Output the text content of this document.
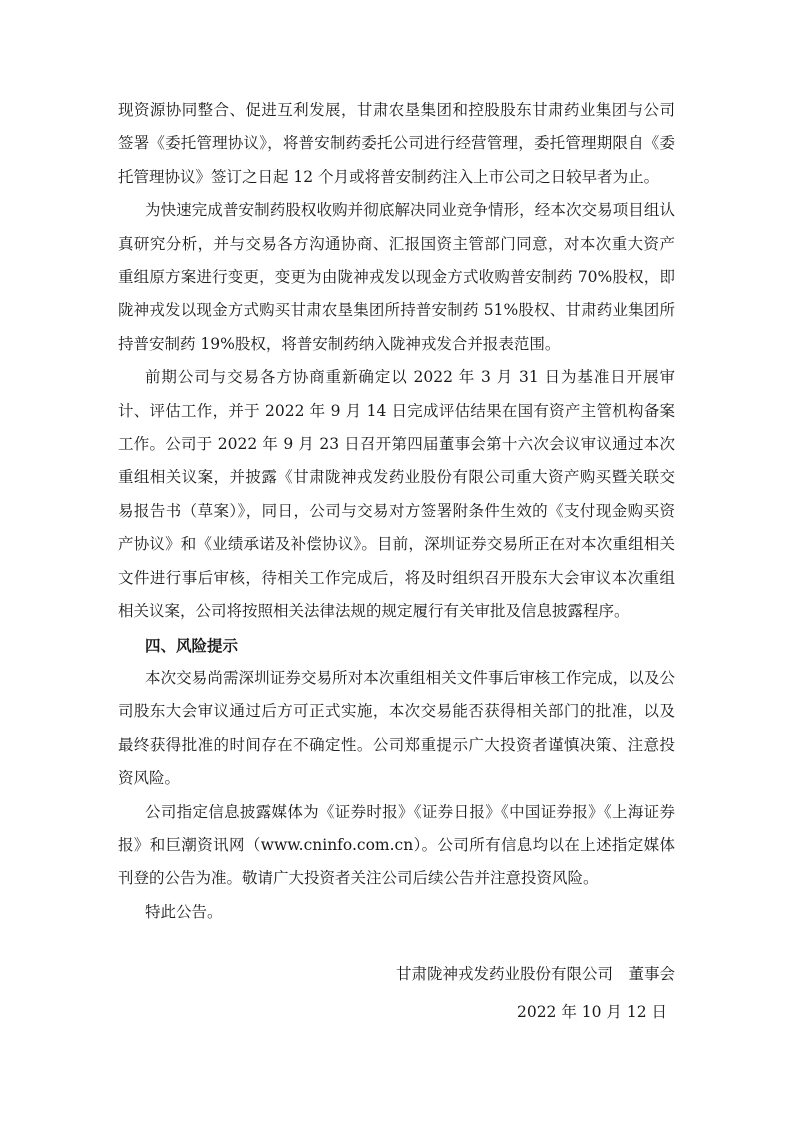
现资源协同整合、促进互利发展，甘肃农垦集团和控股股东甘肃药业集团与公司签署《委托管理协议》，将普安制药委托公司进行经营管理，委托管理期限自《委托管理协议》签订之日起 12 个月或将普安制药注入上市公司之日较早者为止。

为快速完成普安制药股权收购并彻底解决同业竞争情形，经本次交易项目组认真研究分析，并与交易各方沟通协商、汇报国资主管部门同意，对本次重大资产重组原方案进行变更，变更为由陇神戎发以现金方式收购普安制药 70%股权，即陇神戎发以现金方式购买甘肃农垦集团所持普安制药 51%股权、甘肃药业集团所持普安制药 19%股权，将普安制药纳入陇神戎发合并报表范围。

前期公司与交易各方协商重新确定以 2022 年 3 月 31 日为基准日开展审计、评估工作，并于 2022 年 9 月 14 日完成评估结果在国有资产主管机构备案工作。公司于 2022 年 9 月 23 日召开第四届董事会第十六次会议审议通过本次重组相关议案，并披露《甘肃陇神戎发药业股份有限公司重大资产购买暨关联交易报告书（草案）》，同日，公司与交易对方签署附条件生效的《支付现金购买资产协议》和《业绩承诺及补偿协议》。目前，深圳证券交易所正在对本次重组相关文件进行事后审核，待相关工作完成后，将及时组织召开股东大会审议本次重组相关议案，公司将按照相关法律法规的规定履行有关审批及信息披露程序。

四、风险提示

本次交易尚需深圳证券交易所对本次重组相关文件事后审核工作完成，以及公司股东大会审议通过后方可正式实施，本次交易能否获得相关部门的批准，以及最终获得批准的时间存在不确定性。公司郑重提示广大投资者谨慎决策、注意投资风险。

公司指定信息披露媒体为《证券时报》《证券日报》《中国证券报》《上海证券报》和巨潮资讯网（www.cninfo.com.cn）。公司所有信息均以在上述指定媒体刊登的公告为准。敬请广大投资者关注公司后续公告并注意投资风险。

特此公告。

甘肃陇神戎发药业股份有限公司　董事会

2022 年 10 月 12 日
